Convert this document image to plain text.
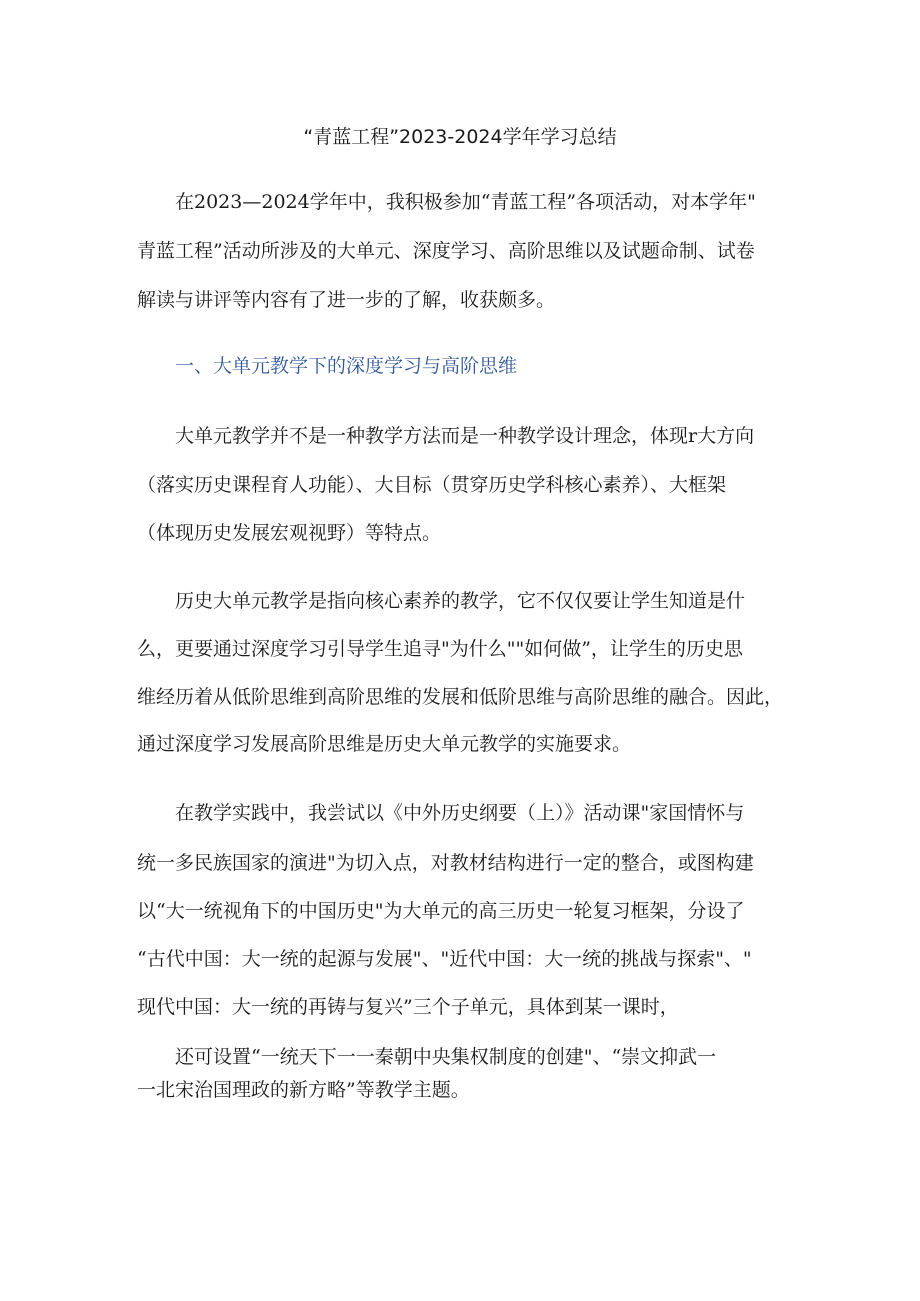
“青蓝工程”2023-2024学年学习总结
在2023—2024学年中，我积极参加“青蓝工程”各项活动，对本学年"
青蓝工程”活动所涉及的大单元、深度学习、高阶思维以及试题命制、试卷
解读与讲评等内容有了进一步的了解，收获颇多。
一、大单元教学下的深度学习与高阶思维
大单元教学并不是一种教学方法而是一种教学设计理念，体现r大方向
（落实历史课程育人功能）、大目标（贯穿历史学科核心素养）、大框架
（体现历史发展宏观视野）等特点。
历史大单元教学是指向核心素养的教学，它不仅仅要让学生知道是什
么，更要通过深度学习引导学生追寻"为什么""如何做”，让学生的历史思
维经历着从低阶思维到高阶思维的发展和低阶思维与高阶思维的融合。因此，
通过深度学习发展高阶思维是历史大单元教学的实施要求。
在教学实践中，我尝试以《中外历史纲要（上）》活动课"家国情怀与
统一多民族国家的演进"为切入点，对教材结构进行一定的整合，或图构建
以“大一统视角下的中国历史"为大单元的高三历史一轮复习框架，分设了
“古代中国：大一统的起源与发展"、"近代中国：大一统的挑战与探索"、"
现代中国：大一统的再铸与复兴”三个子单元，具体到某一课时，
还可设置“一统天下一一秦朝中央集权制度的创建"、“崇文抑武一
一北宋治国理政的新方略”等教学主题。
